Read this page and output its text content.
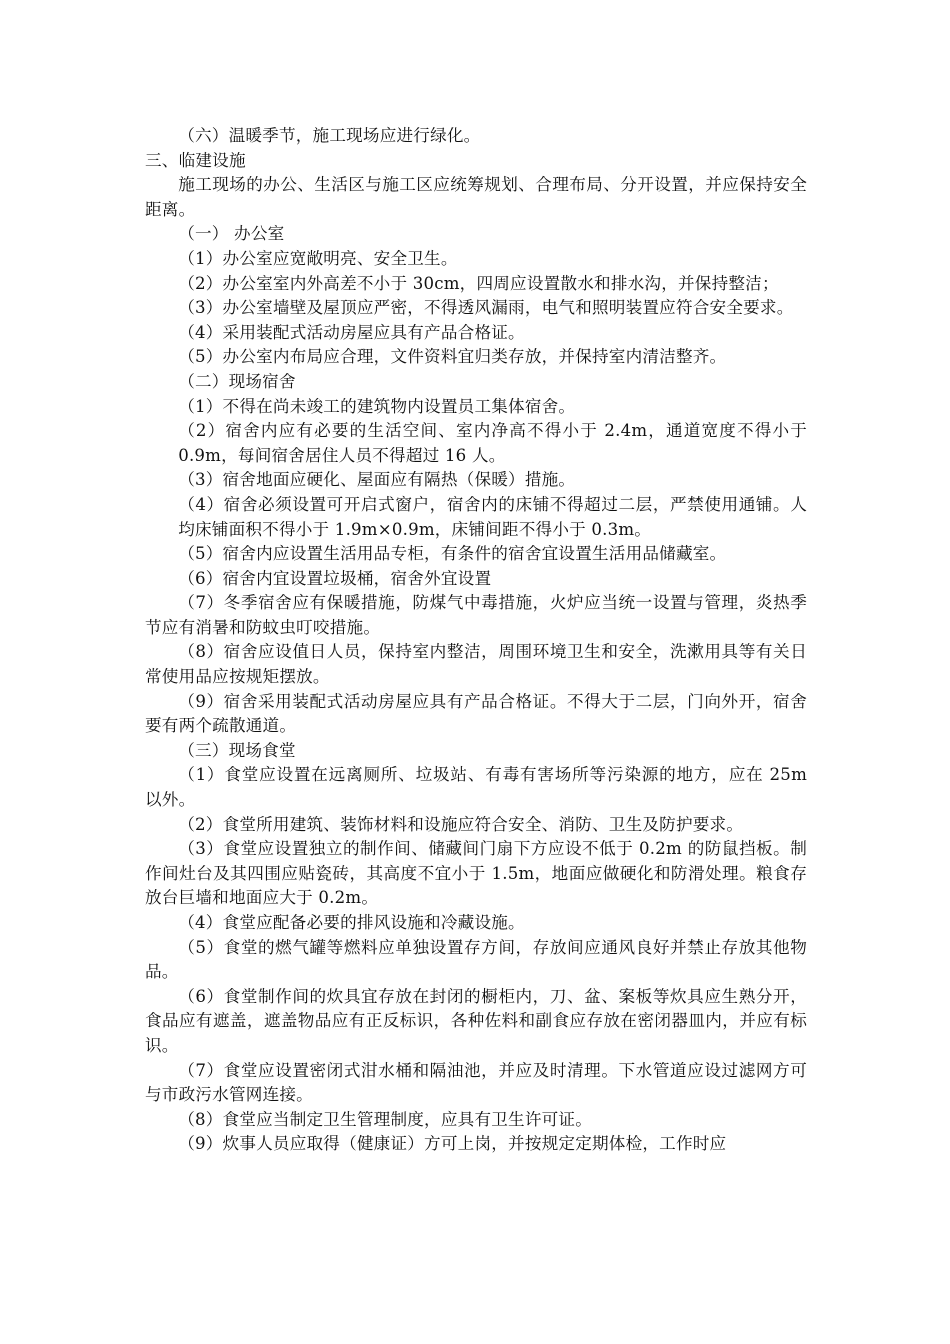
（六）温暖季节，施工现场应进行绿化。

三、临建设施

施工现场的办公、生活区与施工区应统筹规划、合理布局、分开设置，并应保持安全距离。

（一） 办公室

（1）办公室应宽敞明亮、安全卫生。

（2）办公室室内外高差不小于 30cm，四周应设置散水和排水沟，并保持整洁；

（3）办公室墙壁及屋顶应严密，不得透风漏雨，电气和照明装置应符合安全要求。

（4）采用装配式活动房屋应具有产品合格证。

（5）办公室内布局应合理，文件资料宜归类存放，并保持室内清洁整齐。

（二）现场宿舍

（1）不得在尚未竣工的建筑物内设置员工集体宿舍。

（2）宿舍内应有必要的生活空间、室内净高不得小于 2.4m，通道宽度不得小于 0.9m，每间宿舍居住人员不得超过 16 人。

（3）宿舍地面应硬化、屋面应有隔热（保暖）措施。

（4）宿舍必须设置可开启式窗户，宿舍内的床铺不得超过二层，严禁使用通铺。人均床铺面积不得小于 1.9m×0.9m，床铺间距不得小于 0.3m。

（5）宿舍内应设置生活用品专柜，有条件的宿舍宜设置生活用品储藏室。

（6）宿舍内宜设置垃圾桶，宿舍外宜设置

（7）冬季宿舍应有保暖措施，防煤气中毒措施，火炉应当统一设置与管理，炎热季节应有消暑和防蚊虫叮咬措施。

（8）宿舍应设值日人员，保持室内整洁，周围环境卫生和安全，洗漱用具等有关日常使用品应按规矩摆放。

（9）宿舍采用装配式活动房屋应具有产品合格证。不得大于二层，门向外开，宿舍要有两个疏散通道。

（三）现场食堂

（1）食堂应设置在远离厕所、垃圾站、有毒有害场所等污染源的地方，应在 25m 以外。

（2）食堂所用建筑、装饰材料和设施应符合安全、消防、卫生及防护要求。

（3）食堂应设置独立的制作间、储藏间门扇下方应设不低于 0.2m 的防鼠挡板。制作间灶台及其四围应贴瓷砖，其高度不宜小于 1.5m，地面应做硬化和防滑处理。粮食存放台巨墙和地面应大于 0.2m。

（4）食堂应配备必要的排风设施和冷藏设施。

（5）食堂的燃气罐等燃料应单独设置存方间，存放间应通风良好并禁止存放其他物品。

（6）食堂制作间的炊具宜存放在封闭的橱柜内，刀、盆、案板等炊具应生熟分开，食品应有遮盖，遮盖物品应有正反标识，各种佐料和副食应存放在密闭器皿内，并应有标识。

（7）食堂应设置密闭式泔水桶和隔油池，并应及时清理。下水管道应设过滤网方可与市政污水管网连接。

（8）食堂应当制定卫生管理制度，应具有卫生许可证。

（9）炊事人员应取得（健康证）方可上岗，并按规定定期体检，工作时应
